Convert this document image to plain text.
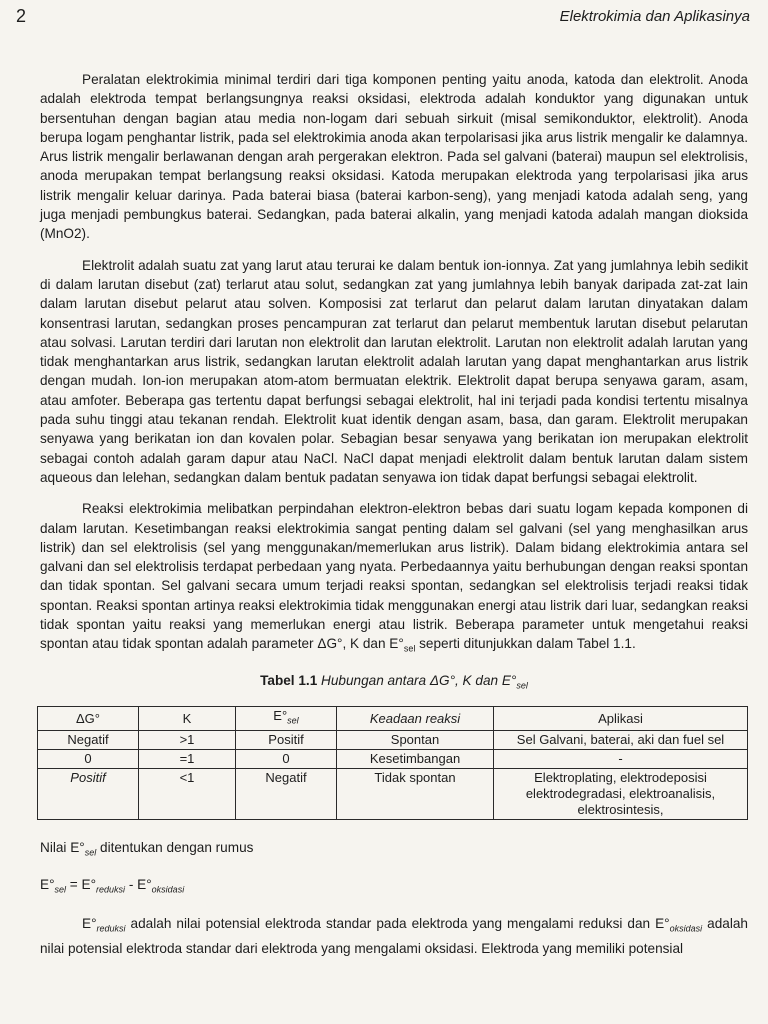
2	Elektrokimia dan Aplikasinya

Peralatan elektrokimia minimal terdiri dari tiga komponen penting yaitu anoda, katoda dan elektrolit. Anoda adalah elektroda tempat berlangsungnya reaksi oksidasi, elektroda adalah konduktor yang digunakan untuk bersentuhan dengan bagian atau media non-logam dari sebuah sirkuit (misal semikonduktor, elektrolit). Anoda berupa logam penghantar listrik, pada sel elektrokimia anoda akan terpolarisasi jika arus listrik mengalir ke dalamnya. Arus listrik mengalir berlawanan dengan arah pergerakan elektron. Pada sel galvani (baterai) maupun sel elektrolisis, anoda merupakan tempat berlangsung reaksi oksidasi. Katoda merupakan elektroda yang terpolarisasi jika arus listrik mengalir keluar darinya. Pada baterai biasa (baterai karbon-seng), yang menjadi katoda adalah seng, yang juga menjadi pembungkus baterai. Sedangkan, pada baterai alkalin, yang menjadi katoda adalah mangan dioksida (MnO2).

Elektrolit adalah suatu zat yang larut atau terurai ke dalam bentuk ion-ionnya. Zat yang jumlahnya lebih sedikit di dalam larutan disebut (zat) terlarut atau solut, sedangkan zat yang jumlahnya lebih banyak daripada zat-zat lain dalam larutan disebut pelarut atau solven. Komposisi zat terlarut dan pelarut dalam larutan dinyatakan dalam konsentrasi larutan, sedangkan proses pencampuran zat terlarut dan pelarut membentuk larutan disebut pelarutan atau solvasi. Larutan terdiri dari larutan non elektrolit dan larutan elektrolit. Larutan non elektrolit adalah larutan yang tidak menghantarkan arus listrik, sedangkan larutan elektrolit adalah larutan yang dapat menghantarkan arus listrik dengan mudah. Ion-ion merupakan atom-atom bermuatan elektrik. Elektrolit dapat berupa senyawa garam, asam, atau amfoter. Beberapa gas tertentu dapat berfungsi sebagai elektrolit, hal ini terjadi pada kondisi tertentu misalnya pada suhu tinggi atau tekanan rendah. Elektrolit kuat identik dengan asam, basa, dan garam. Elektrolit merupakan senyawa yang berikatan ion dan kovalen polar. Sebagian besar senyawa yang berikatan ion merupakan elektrolit sebagai contoh adalah garam dapur atau NaCl. NaCl dapat menjadi elektrolit dalam bentuk larutan dalam sistem aqueous dan lelehan, sedangkan dalam bentuk padatan senyawa ion tidak dapat berfungsi sebagai elektrolit.

Reaksi elektrokimia melibatkan perpindahan elektron-elektron bebas dari suatu logam kepada komponen di dalam larutan. Kesetimbangan reaksi elektrokimia sangat penting dalam sel galvani (sel yang menghasilkan arus listrik) dan sel elektrolisis (sel yang menggunakan/memerlukan arus listrik). Dalam bidang elektrokimia antara sel galvani dan sel elektrolisis terdapat perbedaan yang nyata. Perbedaannya yaitu berhubungan dengan reaksi spontan dan tidak spontan. Sel galvani secara umum terjadi reaksi spontan, sedangkan sel elektrolisis terjadi reaksi tidak spontan. Reaksi spontan artinya reaksi elektrokimia tidak menggunakan energi atau listrik dari luar, sedangkan reaksi tidak spontan yaitu reaksi yang memerlukan energi atau listrik. Beberapa parameter untuk mengetahui reaksi spontan atau tidak spontan adalah parameter ΔG°, K dan $E^\circ_{sel}$ seperti ditunjukkan dalam Tabel 1.1.

Tabel 1.1 Hubungan antara ΔG°, K dan $E^\circ_{sel}$
ΔG°	K	$E^\circ_{sel}$	Keadaan reaksi	Aplikasi
Negatif	>1	Positif	Spontan	Sel Galvani, baterai, aki dan fuel sel
0	=1	0	Kesetimbangan	-
Positif	<1	Negatif	Tidak spontan	Elektroplating, elektrodeposisi elektrodegradasi, elektroanalisis, elektrosintesis,
Nilai $E^\circ_{sel}$ ditentukan dengan rumus
$E^\circ_{sel} = E^\circ_{reduksi} - E^\circ_{oksidasi}$

$E^\circ_{reduksi}$ adalah nilai potensial elektroda standar pada elektroda yang mengalami reduksi dan $E^\circ_{oksidasi}$ adalah nilai potensial elektroda standar dari elektroda yang mengalami oksidasi. Elektroda yang memiliki potensial
